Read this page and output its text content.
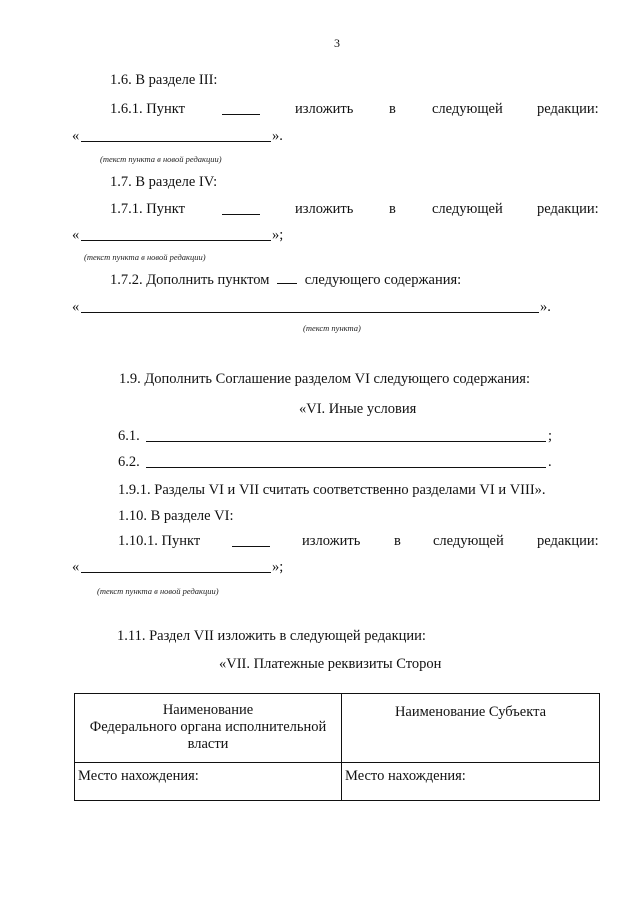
3
1.6. В разделе III:
1.6.1. Пункт	изложить в следующей редакции:
«	».
(текст пункта в новой редакции)
1.7. В разделе IV:
1.7.1. Пункт	изложить в следующей редакции:
«	»;
(текст пункта в новой редакции)
1.7.2. Дополнить пунктом следующего содержания:
«	».
(текст пункта)
1.9. Дополнить Соглашение разделом VI следующего содержания:
«VI. Иные условия
6.1.	;
6.2.	.
1.9.1. Разделы VI и VII считать соответственно разделами VI и VIII».
1.10. В разделе VI:
1.10.1. Пункт	изложить в следующей редакции:
«	»;
(текст пункта в новой редакции)
1.11. Раздел VII изложить в следующей редакции:
«VII. Платежные реквизиты Сторон
Наименование
Федерального органа исполнительной
власти	Наименование Субъекта

Место нахождения:	Место нахождения:
